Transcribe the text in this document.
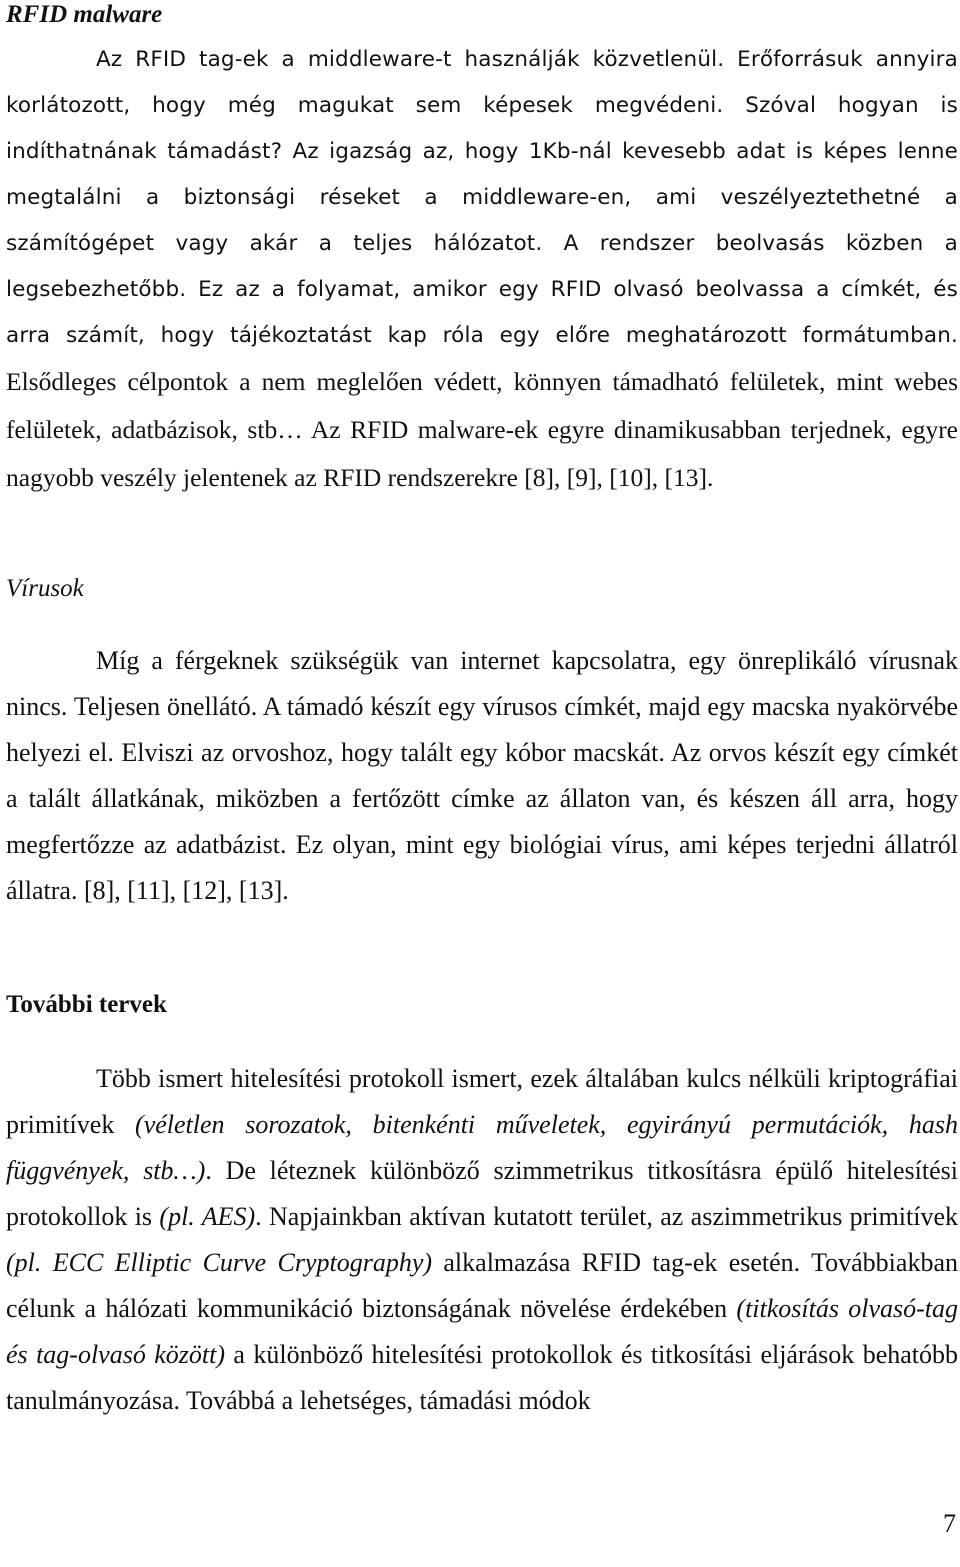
RFID malware

Az RFID tag-ek a middleware-t használják közvetlenül. Erőforrásuk annyira korlátozott, hogy még magukat sem képesek megvédeni. Szóval hogyan is indíthatnának támadást? Az igazság az, hogy 1Kb-nál kevesebb adat is képes lenne megtalálni a biztonsági réseket a middleware-en, ami veszélyeztethetné a számítógépet vagy akár a teljes hálózatot. A rendszer beolvasás közben a legsebezhetőbb. Ez az a folyamat, amikor egy RFID olvasó beolvassa a címkét, és arra számít, hogy tájékoztatást kap róla egy előre meghatározott formátumban. Elsődleges célpontok a nem meglelően védett, könnyen támadható felületek, mint webes felületek, adatbázisok, stb… Az RFID malware-ek egyre dinamikusabban terjednek, egyre nagyobb veszély jelentenek az RFID rendszerekre [8], [9], [10], [13].

Vírusok

Míg a férgeknek szükségük van internet kapcsolatra, egy önreplikáló vírusnak nincs. Teljesen önellátó. A támadó készít egy vírusos címkét, majd egy macska nyakörvébe helyezi el. Elviszi az orvoshoz, hogy talált egy kóbor macskát. Az orvos készít egy címkét a talált állatkának, miközben a fertőzött címke az állaton van, és készen áll arra, hogy megfertőzze az adatbázist. Ez olyan, mint egy biológiai vírus, ami képes terjedni állatról állatra. [8], [11], [12], [13].

További tervek

Több ismert hitelesítési protokoll ismert, ezek általában kulcs nélküli kriptográfiai primitívek (véletlen sorozatok, bitenkénti műveletek, egyirányú permutációk, hash függvények, stb…). De léteznek különböző szimmetrikus titkosításra épülő hitelesítési protokollok is (pl. AES). Napjainkban aktívan kutatott terület, az aszimmetrikus primitívek (pl. ECC Elliptic Curve Cryptography) alkalmazása RFID tag-ek esetén. Továbbiakban célunk a hálózati kommunikáció biztonságának növelése érdekében (titkosítás olvasó-tag és tag-olvasó között) a különböző hitelesítési protokollok és titkosítási eljárások behatóbb tanulmányozása. Továbbá a lehetséges, támadási módok

7
